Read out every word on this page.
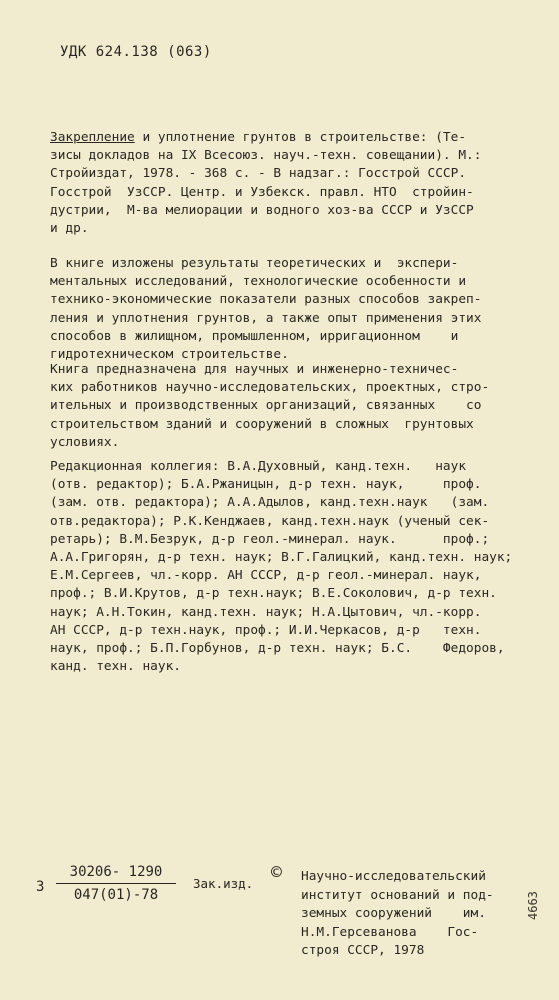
УДК 624.138 (063)

Закрепление и уплотнение грунтов в строительстве: (Те-

зисы докладов на IX Всесоюз. науч.-техн. совещании). М.:

Стройиздат, 1978. - 368 с. - В надзаг.: Госстрой СССР.

Госстрой  УзССР. Центр. и Узбекск. правл. НТО  стройин-

дустрии,  М-ва мелиорации и водного хоз-ва СССР и УзССР

и др.

В книге изложены результаты теоретических и  экспери-

ментальных исследований, технологические особенности и

технико-экономические показатели разных способов закреп-

ления и уплотнения грунтов, а также опыт применения этих

способов в жилищном, промышленном, ирригационном    и

гидротехническом строительстве.

Книга предназначена для научных и инженерно-техничес-

ких работников научно-исследовательских, проектных, стро-

ительных и производственных организаций, связанных    со

строительством зданий и сооружений в сложных  грунтовых

условиях.

Редакционная коллегия: В.А.Духовный, канд.техн.   наук

(отв. редактор); Б.А.Ржаницын, д-р техн. наук,     проф.

(зам. отв. редактора); А.А.Адылов, канд.техн.наук   (зам.

отв.редактора); Р.К.Кенджаев, канд.техн.наук (ученый сек-

ретарь); В.М.Безрук, д-р геол.-минерал. наук.      проф.;

А.А.Григорян, д-р техн. наук; В.Г.Галицкий, канд.техн. наук;

Е.М.Сергеев, чл.-корр. АН СССР, д-р геол.-минерал. наук,

проф.; В.И.Крутов, д-р техн.наук; В.Е.Соколович, д-р техн.

наук; А.Н.Токин, канд.техн. наук; Н.А.Цытович, чл.-корр.

АН СССР, д-р техн.наук, проф.; И.И.Черкасов, д-р   техн.

наук, проф.; Б.П.Горбунов, д-р техн. наук; Б.С.    Федоров,

канд. техн. наук.

$3 \frac{30206- 1290}{047(01)-78} Зак.изд$.
© Научно-исследовательский

институт оснований и под-

земных сооружений    им.

Н.М.Герсеванова    Гос-

строя СССР, 1978

4663
